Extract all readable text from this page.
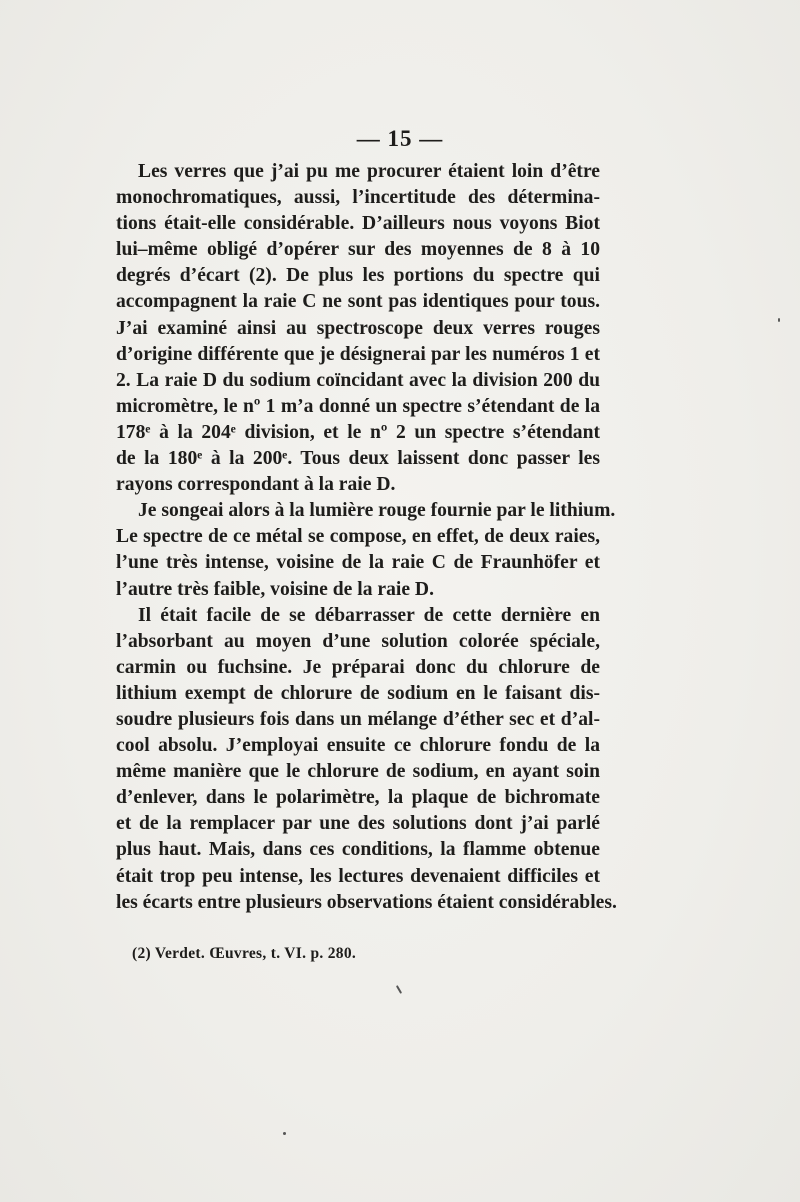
— 15 —
Les verres que j’ai pu me procurer étaient loin d’être
monochromatiques, aussi, l’incertitude des détermina-
tions était-elle considérable. D’ailleurs nous voyons Biot
lui–même obligé d’opérer sur des moyennes de 8 à 10
degrés d’écart (2). De plus les portions du spectre qui
accompagnent la raie C ne sont pas identiques pour tous.
J’ai examiné ainsi au spectroscope deux verres rouges
d’origine différente que je désignerai par les numéros 1 et
2. La raie D du sodium coïncidant avec la division 200 du
micromètre, le nº 1 m’a donné un spectre s’étendant de la
178ᵉ à la 204ᵉ division, et le nº 2 un spectre s’étendant
de la 180ᵉ à la 200ᵉ. Tous deux laissent donc passer les
rayons correspondant à la raie D.
Je songeai alors à la lumière rouge fournie par le lithium.
Le spectre de ce métal se compose, en effet, de deux raies,
l’une très intense, voisine de la raie C de Fraunhöfer et
l’autre très faible, voisine de la raie D.
Il était facile de se débarrasser de cette dernière en
l’absorbant au moyen d’une solution colorée spéciale,
carmin ou fuchsine. Je préparai donc du chlorure de
lithium exempt de chlorure de sodium en le faisant dis-
soudre plusieurs fois dans un mélange d’éther sec et d’al-
cool absolu. J’employai ensuite ce chlorure fondu de la
même manière que le chlorure de sodium, en ayant soin
d’enlever, dans le polarimètre, la plaque de bichromate
et de la remplacer par une des solutions dont j’ai parlé
plus haut. Mais, dans ces conditions, la flamme obtenue
était trop peu intense, les lectures devenaient difficiles et
les écarts entre plusieurs observations étaient considérables.
(2) Verdet. Œuvres, t. VI. p. 280.
